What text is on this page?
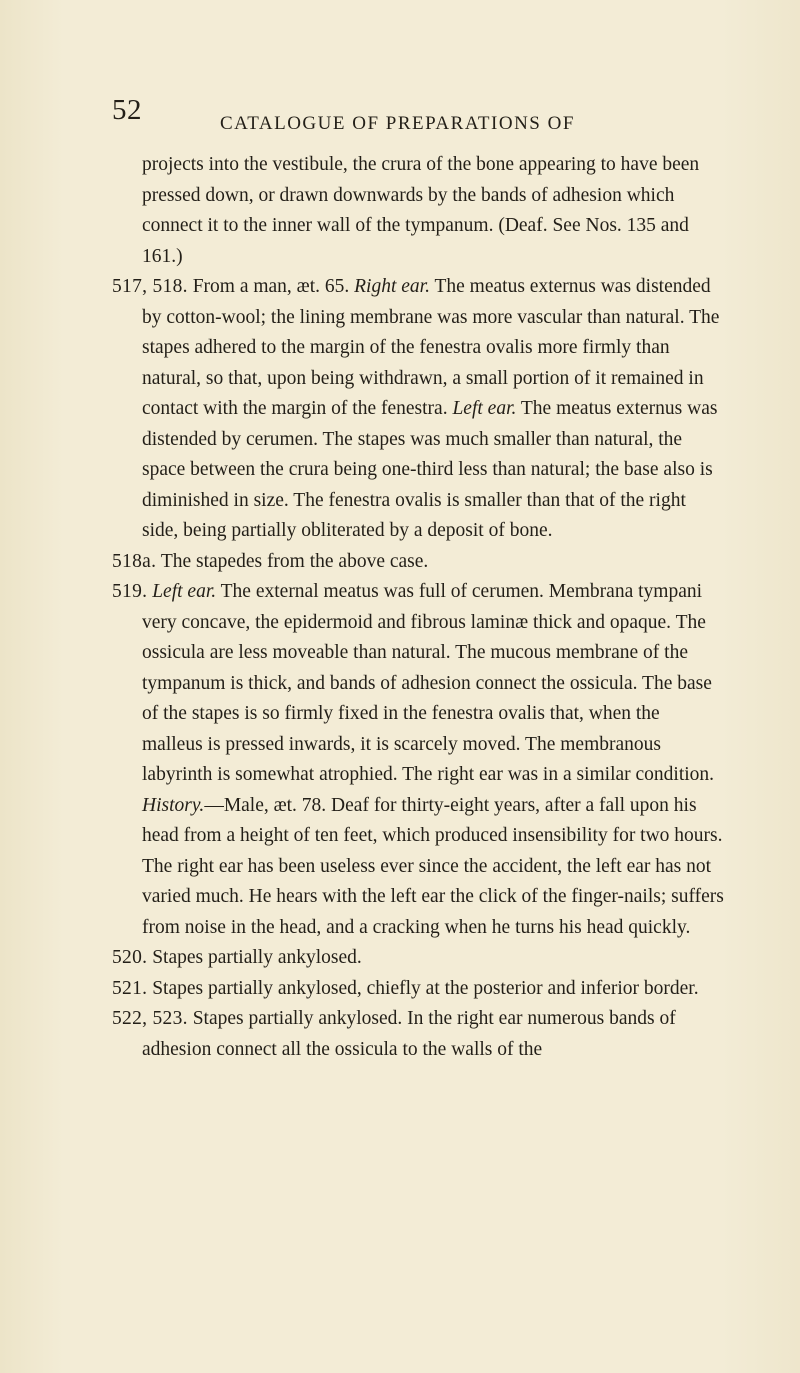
52	CATALOGUE OF PREPARATIONS OF

projects into the vestibule, the crura of the bone appearing to have been pressed down, or drawn downwards by the bands of adhesion which connect it to the inner wall of the tympanum. (Deaf. See Nos. 135 and 161.)

517, 518. From a man, æt. 65. Right ear. The meatus externus was distended by cotton-wool; the lining membrane was more vascular than natural. The stapes adhered to the margin of the fenestra ovalis more firmly than natural, so that, upon being withdrawn, a small portion of it remained in contact with the margin of the fenestra. Left ear. The meatus externus was distended by cerumen. The stapes was much smaller than natural, the space between the crura being one-third less than natural; the base also is diminished in size. The fenestra ovalis is smaller than that of the right side, being partially obliterated by a deposit of bone.

518a. The stapedes from the above case.

519. Left ear. The external meatus was full of cerumen. Membrana tympani very concave, the epidermoid and fibrous laminæ thick and opaque. The ossicula are less moveable than natural. The mucous membrane of the tympanum is thick, and bands of adhesion connect the ossicula. The base of the stapes is so firmly fixed in the fenestra ovalis that, when the malleus is pressed inwards, it is scarcely moved. The membranous labyrinth is somewhat atrophied. The right ear was in a similar condition. History.—Male, æt. 78. Deaf for thirty-eight years, after a fall upon his head from a height of ten feet, which produced insensibility for two hours. The right ear has been useless ever since the accident, the left ear has not varied much. He hears with the left ear the click of the finger-nails; suffers from noise in the head, and a cracking when he turns his head quickly.

520. Stapes partially ankylosed.

521. Stapes partially ankylosed, chiefly at the posterior and inferior border.

522, 523. Stapes partially ankylosed. In the right ear numerous bands of adhesion connect all the ossicula to the walls of the
